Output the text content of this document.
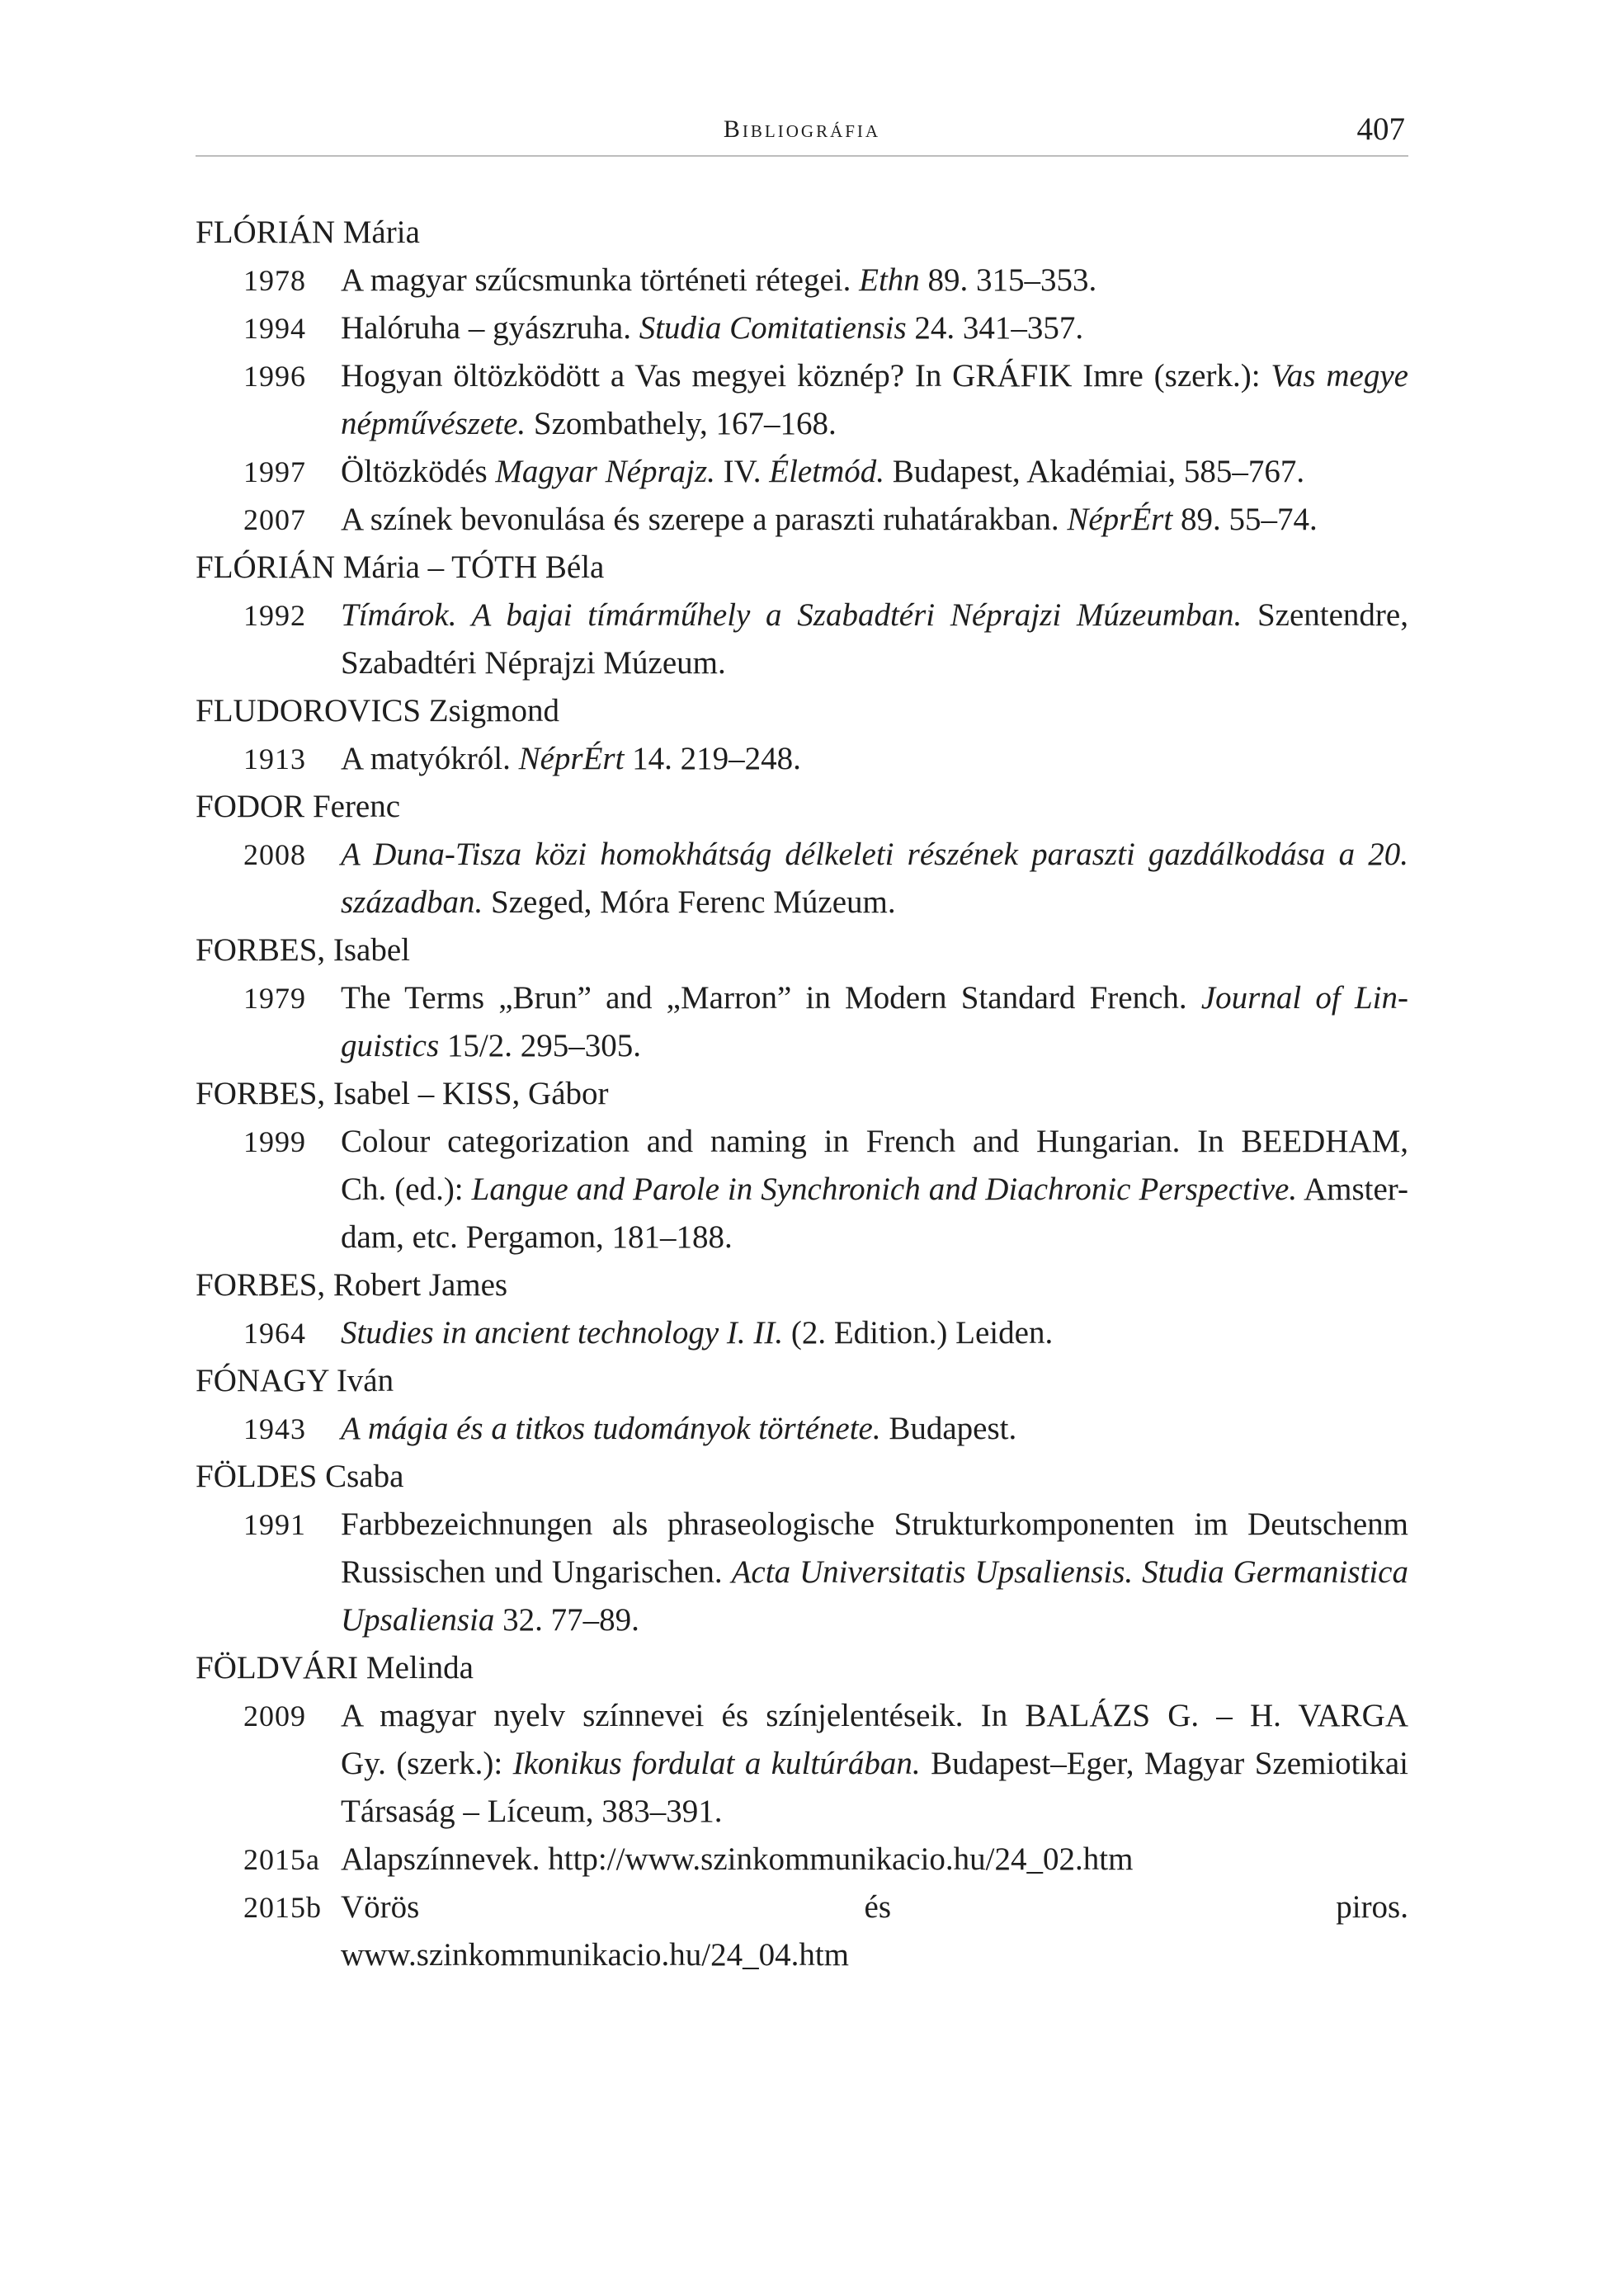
Bibliográfia	407
FLÓRIÁN Mária
1978 A magyar szűcsmunka történeti rétegei. Ethn 89. 315–353.
1994 Halóruha – gyászruha. Studia Comitatiensis 24. 341–357.
1996 Hogyan öltözködött a Vas megyei köznép? In GRÁFIK Imre (szerk.): Vas megye
népművészete. Szombathely, 167–168.
1997 Öltözködés Magyar Néprajz. IV. Életmód. Budapest, Akadémiai, 585–767.
2007 A színek bevonulása és szerepe a paraszti ruhatárakban. NéprÉrt 89. 55–74.
FLÓRIÁN Mária – TÓTH Béla
1992 Tímárok. A bajai tímárműhely a Szabadtéri Néprajzi Múzeumban. Szentendre,
Szabadtéri Néprajzi Múzeum.
FLUDOROVICS Zsigmond
1913 A matyókról. NéprÉrt 14. 219–248.
FODOR Ferenc
2008 A Duna-Tisza közi homokhátság délkeleti részének paraszti gazdálkodása a 20.
században. Szeged, Móra Ferenc Múzeum.
FORBES, Isabel
1979 The Terms „Brun” and „Marron” in Modern Standard French. Journal of Lin-
guistics 15/2. 295–305.
FORBES, Isabel – KISS, Gábor
1999 Colour categorization and naming in French and Hungarian. In BEEDHAM,
Ch. (ed.): Langue and Parole in Synchronich and Diachronic Perspective. Amster-
dam, etc. Pergamon, 181–188.
FORBES, Robert James
1964 Studies in ancient technology I. II. (2. Edition.) Leiden.
FÓNAGY Iván
1943 A mágia és a titkos tudományok története. Budapest.
FÖLDES Csaba
1991 Farbbezeichnungen als phraseologische Strukturkomponenten im Deutschenm
Russischen und Ungarischen. Acta Universitatis Upsaliensis. Studia Germanistica
Upsaliensia 32. 77–89.
FÖLDVÁRI Melinda
2009 A magyar nyelv színnevei és színjelentéseik. In BALÁZS G. – H. VARGA
Gy. (szerk.): Ikonikus fordulat a kultúrában. Budapest–Eger, Magyar Szemiotikai
Társaság – Líceum, 383–391.
2015a Alapszínnevek. http://www.szinkommunikacio.hu/24_02.htm
2015b Vörös és piros.
www.szinkommunikacio.hu/24_04.htm
